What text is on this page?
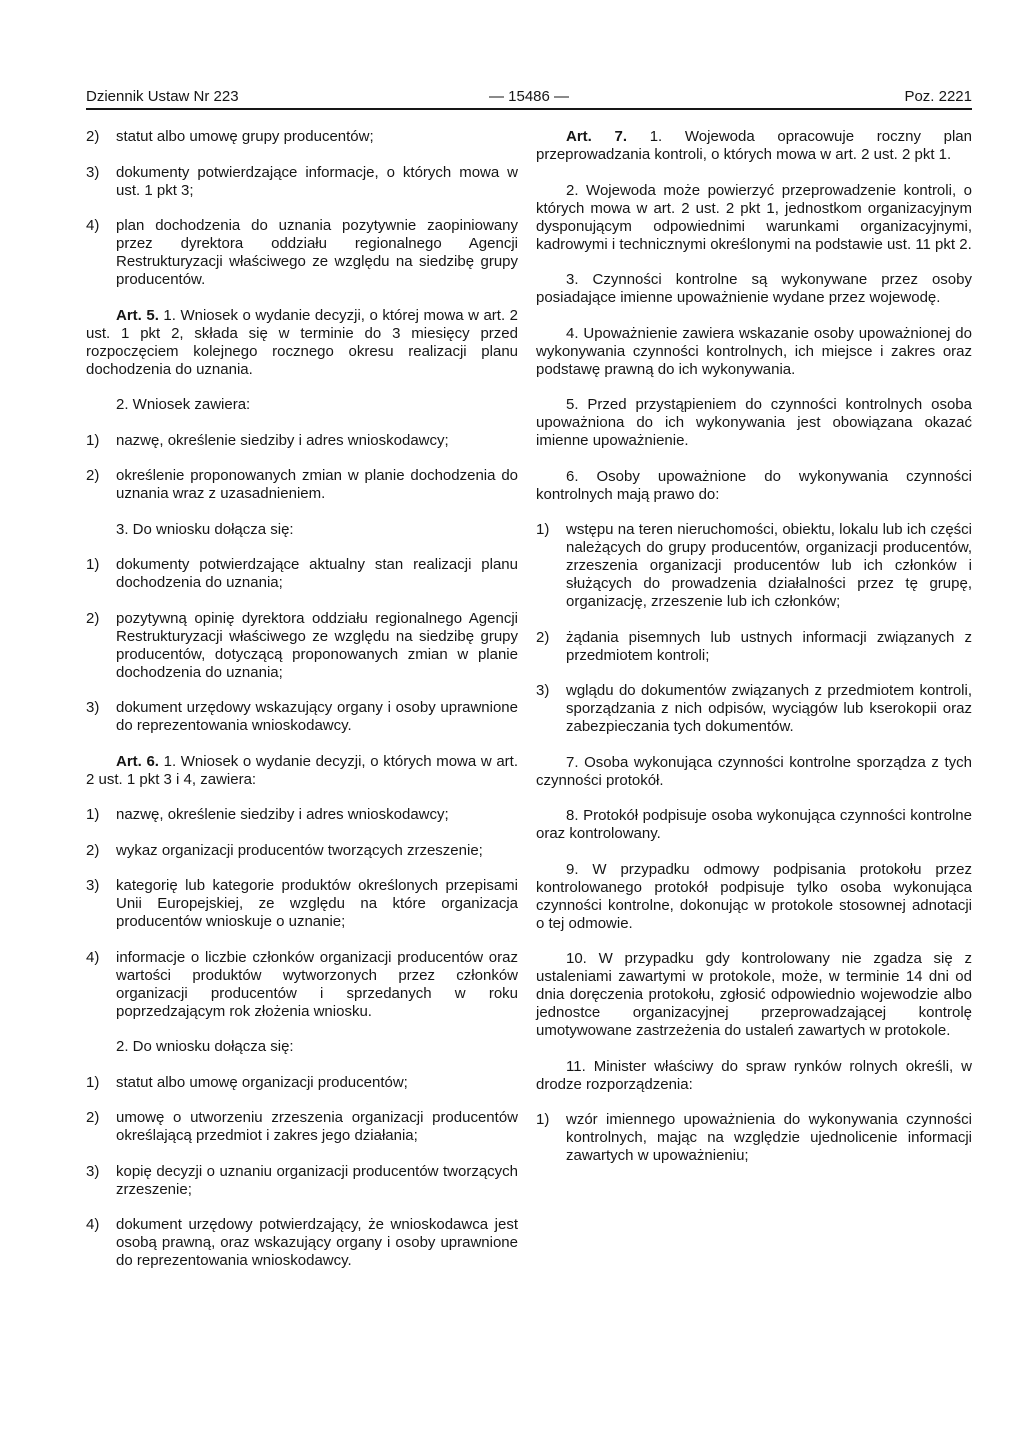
Dziennik Ustaw Nr 223	— 15486 —	Poz. 2221
2) statut albo umowę grupy producentów;
3) dokumenty potwierdzające informacje, o których mowa w ust. 1 pkt 3;
4) plan dochodzenia do uznania pozytywnie zaopiniowany przez dyrektora oddziału regionalnego Agencji Restrukturyzacji właściwego ze względu na siedzibę grupy producentów.

Art. 5. 1. Wniosek o wydanie decyzji, o której mowa w art. 2 ust. 1 pkt 2, składa się w terminie do 3 miesięcy przed rozpoczęciem kolejnego rocznego okresu realizacji planu dochodzenia do uznania.

2. Wniosek zawiera:

1) nazwę, określenie siedziby i adres wnioskodawcy;
2) określenie proponowanych zmian w planie dochodzenia do uznania wraz z uzasadnieniem.

3. Do wniosku dołącza się:

1) dokumenty potwierdzające aktualny stan realizacji planu dochodzenia do uznania;
2) pozytywną opinię dyrektora oddziału regionalnego Agencji Restrukturyzacji właściwego ze względu na siedzibę grupy producentów, dotyczącą proponowanych zmian w planie dochodzenia do uznania;
3) dokument urzędowy wskazujący organy i osoby uprawnione do reprezentowania wnioskodawcy.

Art. 6. 1. Wniosek o wydanie decyzji, o których mowa w art. 2 ust. 1 pkt 3 i 4, zawiera:

1) nazwę, określenie siedziby i adres wnioskodawcy;
2) wykaz organizacji producentów tworzących zrzeszenie;
3) kategorię lub kategorie produktów określonych przepisami Unii Europejskiej, ze względu na które organizacja producentów wnioskuje o uznanie;
4) informacje o liczbie członków organizacji producentów oraz wartości produktów wytworzonych przez członków organizacji producentów i sprzedanych w roku poprzedzającym rok złożenia wniosku.

2. Do wniosku dołącza się:

1) statut albo umowę organizacji producentów;
2) umowę o utworzeniu zrzeszenia organizacji producentów określającą przedmiot i zakres jego działania;
3) kopię decyzji o uznaniu organizacji producentów tworzących zrzeszenie;
4) dokument urzędowy potwierdzający, że wnioskodawca jest osobą prawną, oraz wskazujący organy i osoby uprawnione do reprezentowania wnioskodawcy.

Art. 7. 1. Wojewoda opracowuje roczny plan przeprowadzania kontroli, o których mowa w art. 2 ust. 2 pkt 1.

2. Wojewoda może powierzyć przeprowadzenie kontroli, o których mowa w art. 2 ust. 2 pkt 1, jednostkom organizacyjnym dysponującym odpowiednimi warunkami organizacyjnymi, kadrowymi i technicznymi określonymi na podstawie ust. 11 pkt 2.

3. Czynności kontrolne są wykonywane przez osoby posiadające imienne upoważnienie wydane przez wojewodę.

4. Upoważnienie zawiera wskazanie osoby upoważnionej do wykonywania czynności kontrolnych, ich miejsce i zakres oraz podstawę prawną do ich wykonywania.

5. Przed przystąpieniem do czynności kontrolnych osoba upoważniona do ich wykonywania jest obowiązana okazać imienne upoważnienie.

6. Osoby upoważnione do wykonywania czynności kontrolnych mają prawo do:

1) wstępu na teren nieruchomości, obiektu, lokalu lub ich części należących do grupy producentów, organizacji producentów, zrzeszenia organizacji producentów lub ich członków i służących do prowadzenia działalności przez tę grupę, organizację, zrzeszenie lub ich członków;
2) żądania pisemnych lub ustnych informacji związanych z przedmiotem kontroli;
3) wglądu do dokumentów związanych z przedmiotem kontroli, sporządzania z nich odpisów, wyciągów lub kserokopii oraz zabezpieczania tych dokumentów.

7. Osoba wykonująca czynności kontrolne sporządza z tych czynności protokół.

8. Protokół podpisuje osoba wykonująca czynności kontrolne oraz kontrolowany.

9. W przypadku odmowy podpisania protokołu przez kontrolowanego protokół podpisuje tylko osoba wykonująca czynności kontrolne, dokonując w protokole stosownej adnotacji o tej odmowie.

10. W przypadku gdy kontrolowany nie zgadza się z ustaleniami zawartymi w protokole, może, w terminie 14 dni od dnia doręczenia protokołu, zgłosić odpowiednio wojewodzie albo jednostce organizacyjnej przeprowadzającej kontrolę umotywowane zastrzeżenia do ustaleń zawartych w protokole.

11. Minister właściwy do spraw rynków rolnych określi, w drodze rozporządzenia:

1) wzór imiennego upoważnienia do wykonywania czynności kontrolnych, mając na względzie ujednolicenie informacji zawartych w upoważnieniu;
